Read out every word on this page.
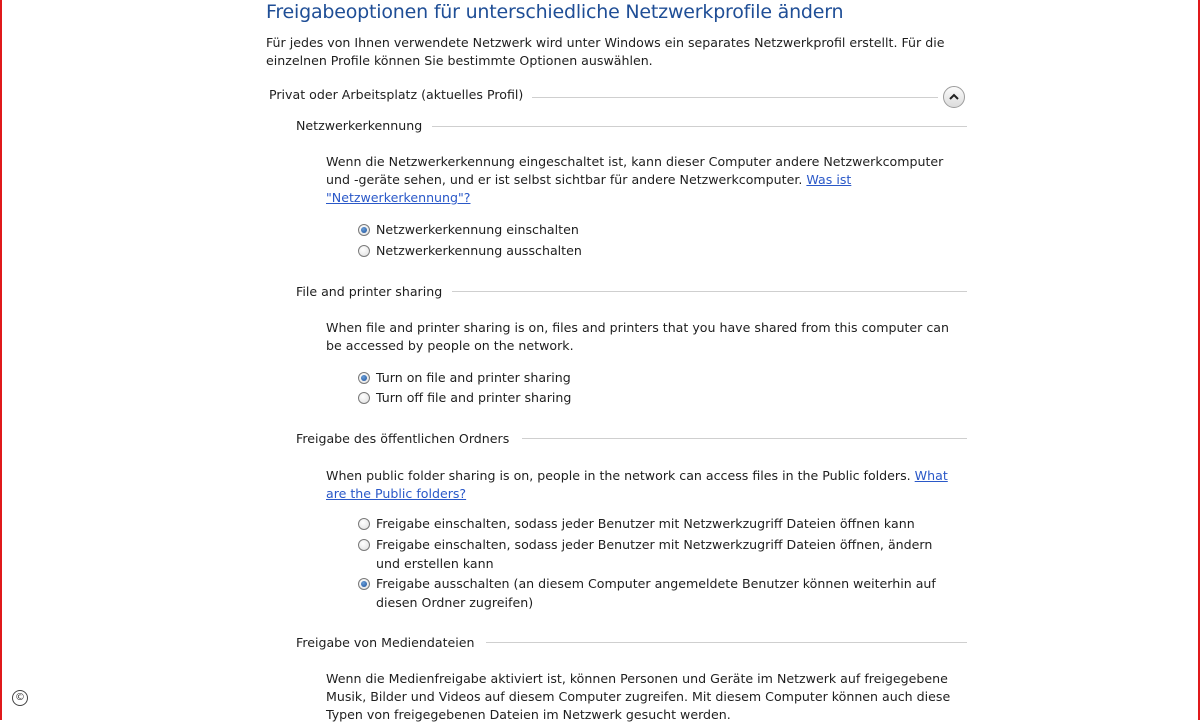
Freigabeoptionen für unterschiedliche Netzwerkprofile ändern
Für jedes von Ihnen verwendete Netzwerk wird unter Windows ein separates Netzwerkprofil erstellt. Für die einzelnen Profile können Sie bestimmte Optionen auswählen.
Privat oder Arbeitsplatz (aktuelles Profil)
Netzwerkerkennung
Wenn die Netzwerkerkennung eingeschaltet ist, kann dieser Computer andere Netzwerkcomputer und -geräte sehen, und er ist selbst sichtbar für andere Netzwerkcomputer. Was ist "Netzwerkerkennung"?
Netzwerkerkennung einschalten
Netzwerkerkennung ausschalten
File and printer sharing
When file and printer sharing is on, files and printers that you have shared from this computer can be accessed by people on the network.
Turn on file and printer sharing
Turn off file and printer sharing
Freigabe des öffentlichen Ordners
When public folder sharing is on, people in the network can access files in the Public folders. What are the Public folders?
Freigabe einschalten, sodass jeder Benutzer mit Netzwerkzugriff Dateien öffnen kann
Freigabe einschalten, sodass jeder Benutzer mit Netzwerkzugriff Dateien öffnen, ändern und erstellen kann
Freigabe ausschalten (an diesem Computer angemeldete Benutzer können weiterhin auf diesen Ordner zugreifen)
Freigabe von Mediendateien
Wenn die Medienfreigabe aktiviert ist, können Personen und Geräte im Netzwerk auf freigegebene Musik, Bilder und Videos auf diesem Computer zugreifen. Mit diesem Computer können auch diese Typen von freigegebenen Dateien im Netzwerk gesucht werden.
©
